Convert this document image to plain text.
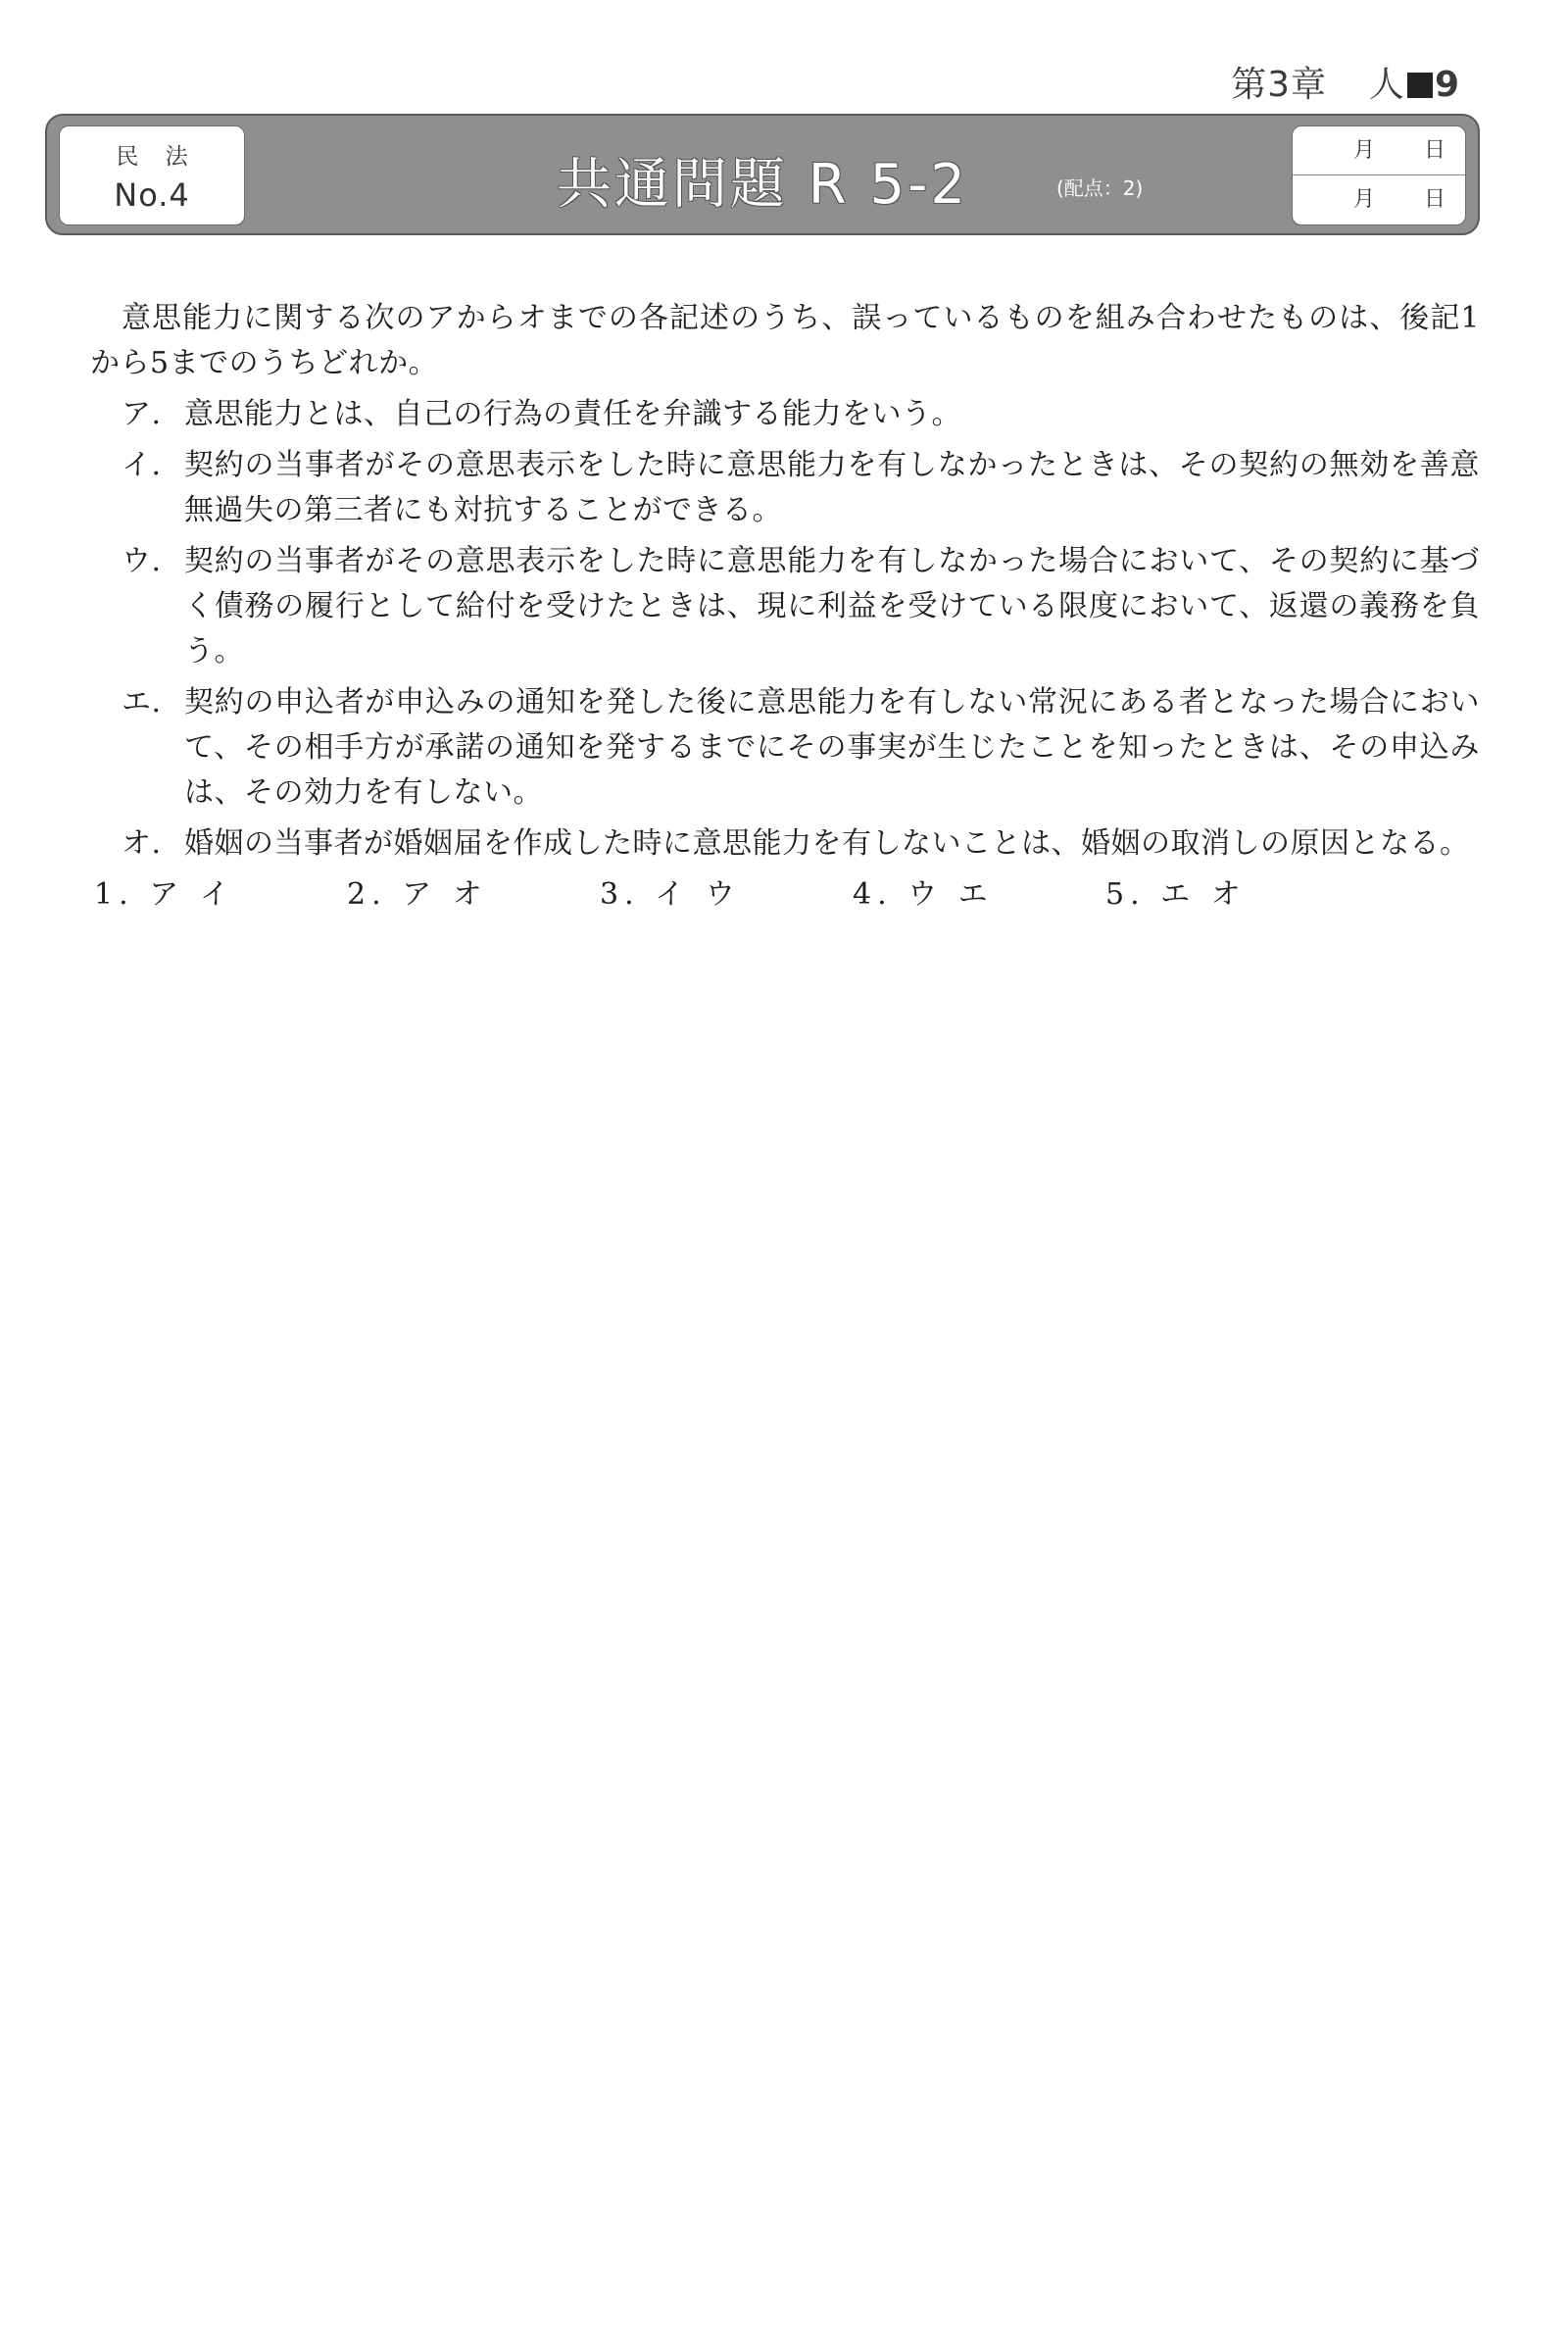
第3章 人 9
民 法
No.4	共通問題 R 5-2	(配点：2)
月 日
月 日

意思能力に関する次のアからオまでの各記述のうち、誤っているものを組み合わせたものは、後記1から5までのうちどれか。

ア. 意思能力とは、自己の行為の責任を弁識する能力をいう。
イ. 契約の当事者がその意思表示をした時に意思能力を有しなかったときは、その契約の無効を善意無過失の第三者にも対抗することができる。
ウ. 契約の当事者がその意思表示をした時に意思能力を有しなかった場合において、その契約に基づく債務の履行として給付を受けたときは、現に利益を受けている限度において、返還の義務を負う。
エ. 契約の申込者が申込みの通知を発した後に意思能力を有しない常況にある者となった場合において、その相手方が承諾の通知を発するまでにその事実が生じたことを知ったときは、その申込みは、その効力を有しない。
オ. 婚姻の当事者が婚姻届を作成した時に意思能力を有しないことは、婚姻の取消しの原因となる。
1. ア イ	2. ア オ	3. イ ウ	4. ウ エ	5. エ オ
